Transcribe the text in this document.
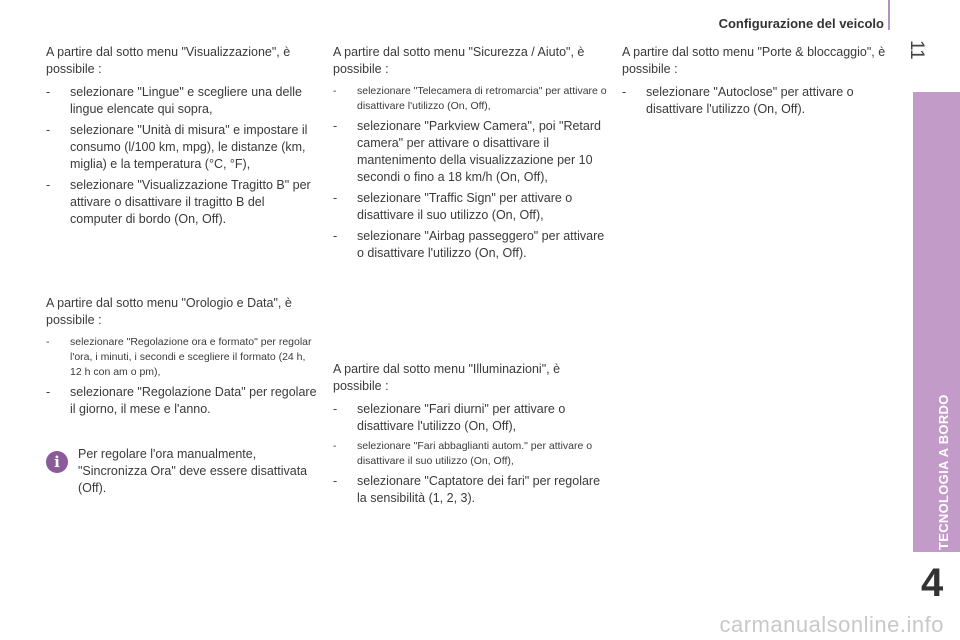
Configurazione del veicolo
11
TECNOLOGIA A BORDO
4

A partire dal sotto menu "Visualizzazione", è possibile :

- selezionare "Lingue" e scegliere una delle lingue elencate qui sopra,
- selezionare "Unità di misura" e impostare il consumo (l/100 km, mpg), le distanze (km, miglia) e la temperatura (°C, °F),
- selezionare "Visualizzazione Tragitto B" per attivare o disattivare il tragitto B del computer di bordo (On, Off).

A partire dal sotto menu "Orologio e Data", è possibile :

- selezionare "Regolazione ora e formato" per regolar l'ora, i minuti, i secondi e scegliere il formato (24 h, 12 h con am o pm),
- selezionare "Regolazione Data" per regolare il giorno, il mese e l'anno.
i	Per regolare l'ora manualmente, "Sincronizza Ora" deve essere disattivata (Off).

A partire dal sotto menu "Sicurezza / Aiuto", è possibile :

- selezionare "Telecamera di retromarcia" per attivare o disattivare l'utilizzo (On, Off),
- selezionare "Parkview Camera", poi "Retard camera" per attivare o disattivare il mantenimento della visualizzazione per 10 secondi o fino a 18 km/h (On, Off),
- selezionare "Traffic Sign" per attivare o disattivare il suo utilizzo (On, Off),
- selezionare "Airbag passeggero" per attivare o disattivare l'utilizzo (On, Off).

A partire dal sotto menu "Illuminazioni", è possibile :

- selezionare "Fari diurni" per attivare o disattivare l'utilizzo (On, Off),
- selezionare "Fari abbaglianti autom." per attivare o disattivare il suo utilizzo (On, Off),
- selezionare "Captatore dei fari" per regolare la sensibilità (1, 2, 3).

A partire dal sotto menu "Porte & bloccaggio", è possibile :

- selezionare "Autoclose" per attivare o disattivare l'utilizzo (On, Off).
carmanualsonline.info
